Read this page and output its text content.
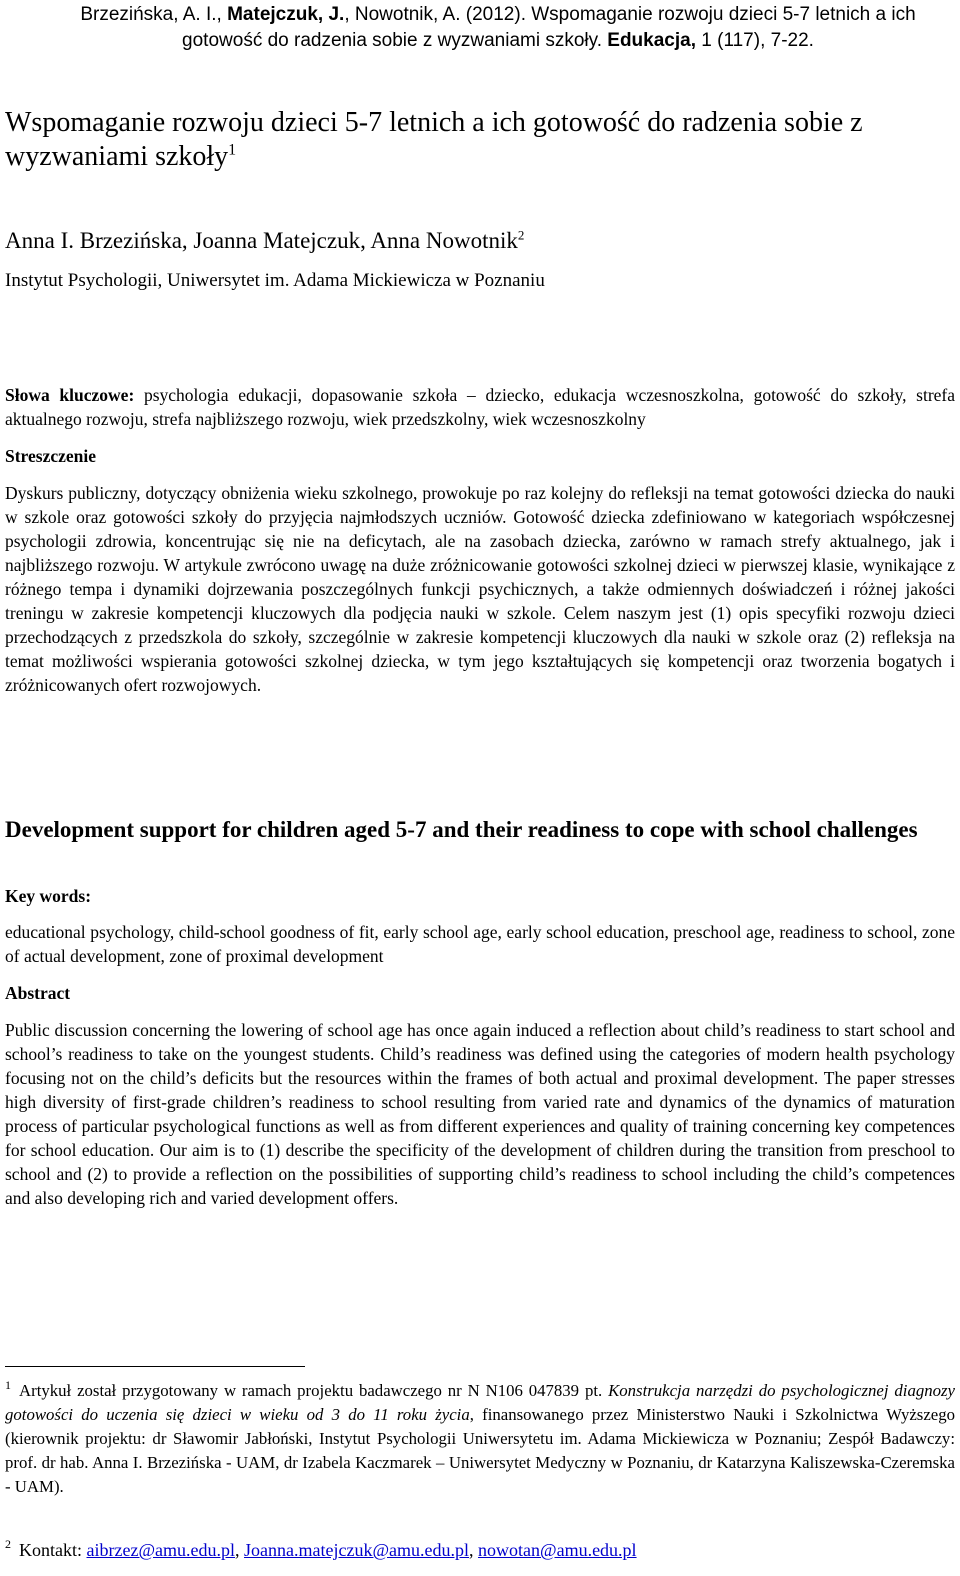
Brzezińska, A. I., Matejczuk, J., Nowotnik, A. (2012). Wspomaganie rozwoju dzieci 5-7 letnich a ich gotowość do radzenia sobie z wyzwaniami szkoły. Edukacja, 1 (117), 7-22.
Wspomaganie rozwoju dzieci 5-7 letnich a ich gotowość do radzenia sobie z wyzwaniami szkoły$^1$
Anna I. Brzezińska, Joanna Matejczuk, Anna Nowotnik$^2$
Instytut Psychologii, Uniwersytet im. Adama Mickiewicza w Poznaniu
Słowa kluczowe: psychologia edukacji, dopasowanie szkoła – dziecko, edukacja wczesnoszkolna, gotowość do szkoły, strefa aktualnego rozwoju, strefa najbliższego rozwoju, wiek przedszkolny, wiek wczesnoszkolny
Streszczenie
Dyskurs publiczny, dotyczący obniżenia wieku szkolnego, prowokuje po raz kolejny do refleksji na temat gotowości dziecka do nauki w szkole oraz gotowości szkoły do przyjęcia najmłodszych uczniów. Gotowość dziecka zdefiniowano w kategoriach współczesnej psychologii zdrowia, koncentrując się nie na deficytach, ale na zasobach dziecka, zarówno w ramach strefy aktualnego, jak i najbliższego rozwoju. W artykule zwrócono uwagę na duże zróżnicowanie gotowości szkolnej dzieci w pierwszej klasie, wynikające z różnego tempa i dynamiki dojrzewania poszczególnych funkcji psychicznych, a także odmiennych doświadczeń i różnej jakości treningu w zakresie kompetencji kluczowych dla podjęcia nauki w szkole. Celem naszym jest (1) opis specyfiki rozwoju dzieci przechodzących z przedszkola do szkoły, szczególnie w zakresie kompetencji kluczowych dla nauki w szkole oraz (2) refleksja na temat możliwości wspierania gotowości szkolnej dziecka, w tym jego kształtujących się kompetencji oraz tworzenia bogatych i zróżnicowanych ofert rozwojowych.
Development support for children aged 5-7 and their readiness to cope with school challenges
Key words:
educational psychology, child-school goodness of fit, early school age, early school education, preschool age, readiness to school, zone of actual development, zone of proximal development
Abstract
Public discussion concerning the lowering of school age has once again induced a reflection about child’s readiness to start school and school’s readiness to take on the youngest students. Child’s readiness was defined using the categories of modern health psychology focusing not on the child’s deficits but the resources within the frames of both actual and proximal development. The paper stresses high diversity of first-grade children’s readiness to school resulting from varied rate and dynamics of the dynamics of maturation process of particular psychological functions as well as from different experiences and quality of training concerning key competences for school education. Our aim is to (1) describe the specificity of the development of children during the transition from preschool to school and (2) to provide a reflection on the possibilities of supporting child’s readiness to school including the child’s competences and also developing rich and varied development offers.
$^1$ Artykuł został przygotowany w ramach projektu badawczego nr N N106 047839 pt. Konstrukcja narzędzi do psychologicznej diagnozy gotowości do uczenia się dzieci w wieku od 3 do 11 roku życia, finansowanego przez Ministerstwo Nauki i Szkolnictwa Wyższego (kierownik projektu: dr Sławomir Jabłoński, Instytut Psychologii Uniwersytetu im. Adama Mickiewicza w Poznaniu; Zespół Badawczy: prof. dr hab. Anna I. Brzezińska - UAM, dr Izabela Kaczmarek – Uniwersytet Medyczny w Poznaniu, dr Katarzyna Kaliszewska-Czeremska - UAM).
$^2$ Kontakt: aibrzez@amu.edu.pl, Joanna.matejczuk@amu.edu.pl, nowotan@amu.edu.pl
